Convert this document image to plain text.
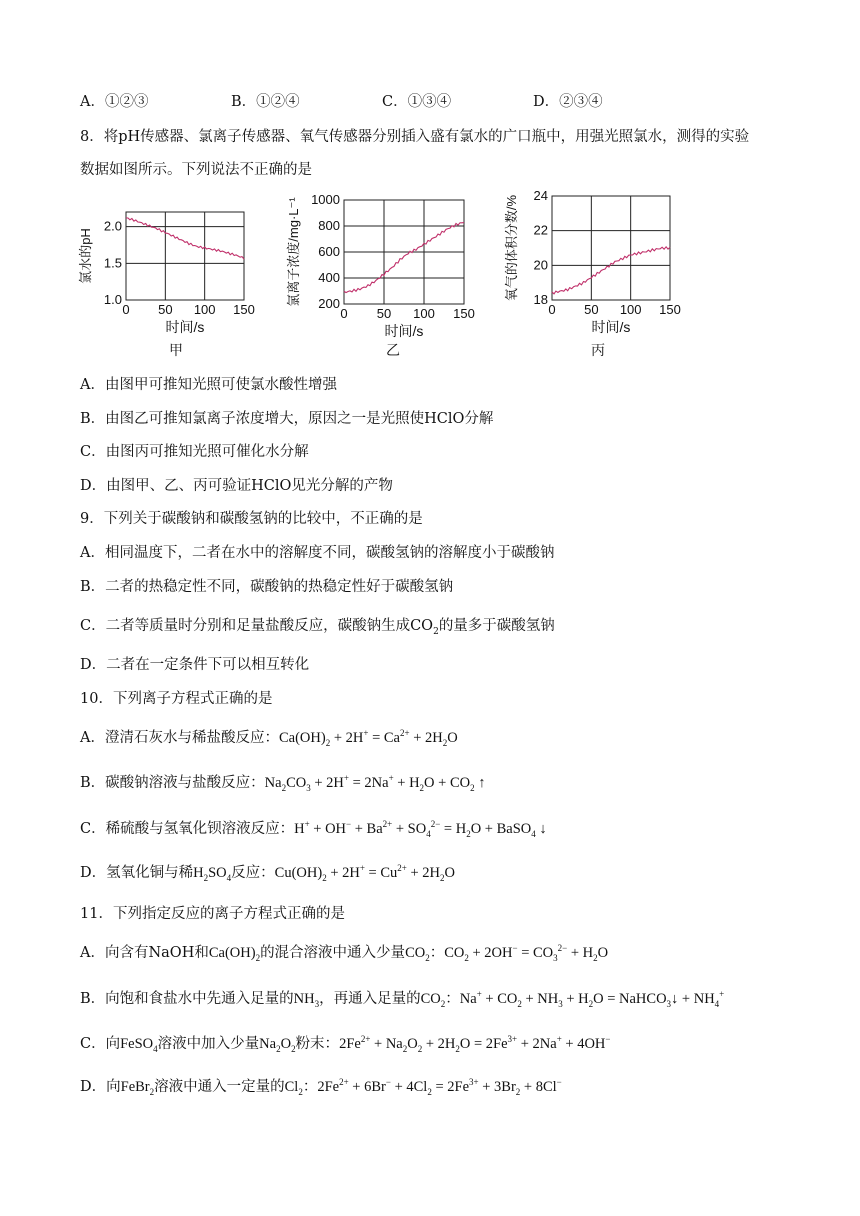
A．①②③	B．①②④	C．①③④	D．②③④
8．将pH传感器、氯离子传感器、氧气传感器分别插入盛有氯水的广口瓶中，用强光照氯水，测得的实验
数据如图所示。下列说法不正确的是
0 50 100 150
1.0
1.5
2.0
时间/s
氯水的pH
0 50 100 150
200
400
600
800
1000
时间/s
氯离子浓度/mg·L⁻¹
0 50 100 150
18
20
22
24
时间/s
氧气的体积分数/%
甲	乙	丙
A．由图甲可推知光照可使氯水酸性增强
B．由图乙可推知氯离子浓度增大，原因之一是光照使HClO分解
C．由图丙可推知光照可催化水分解
D．由图甲、乙、丙可验证HClO见光分解的产物
9．下列关于碳酸钠和碳酸氢钠的比较中，不正确的是
A．相同温度下，二者在水中的溶解度不同，碳酸氢钠的溶解度小于碳酸钠
B．二者的热稳定性不同，碳酸钠的热稳定性好于碳酸氢钠
C．二者等质量时分别和足量盐酸反应，碳酸钠生成$CO_2$的量多于碳酸氢钠
D．二者在一定条件下可以相互转化
10．下列离子方程式正确的是
A．澄清石灰水与稀盐酸反应：$Ca(OH)_2 + 2H^+ = Ca^{2+} + 2H_2O$
B．碳酸钠溶液与盐酸反应：$Na_2CO_3 + 2H^+ = 2Na^+ + H_2O + CO_2$ ↑
C．稀硫酸与氢氧化钡溶液反应：$H^+ + OH^- + Ba^{2+} + SO_4^{2-} = H_2O$ + BaSO$_4$ ↓
D．氢氧化铜与稀$H_2SO_4$反应：$Cu(OH)_2 + 2H^+ = Cu^{2+} + 2H_2O$
11．下列指定反应的离子方程式正确的是
A．向含有NaOH和$Ca(OH)_2$的混合溶液中通入少量$CO_2$：$CO_2 + 2OH^- = CO_3^{2-} + H_2O$
B．向饱和食盐水中先通入足量的$NH_3$，再通入足量的$CO_2$：$Na^+ + CO_2 + NH_3 + H_2O$ = NaHCO$_3$↓ + $NH_4^+$
C．向FeSO$_4$溶液中加入少量$Na_2O_2$粉末：$2Fe^{2+} + Na_2O_2 + 2H_2O = 2Fe^{3+} + 2Na^+ + 4OH^-$
D．向FeBr$_2$溶液中通入一定量的$Cl_2$：$2Fe^{2+} + 6Br^- + 4Cl_2 = 2Fe^{3+} + 3Br_2 + 8Cl^-$
